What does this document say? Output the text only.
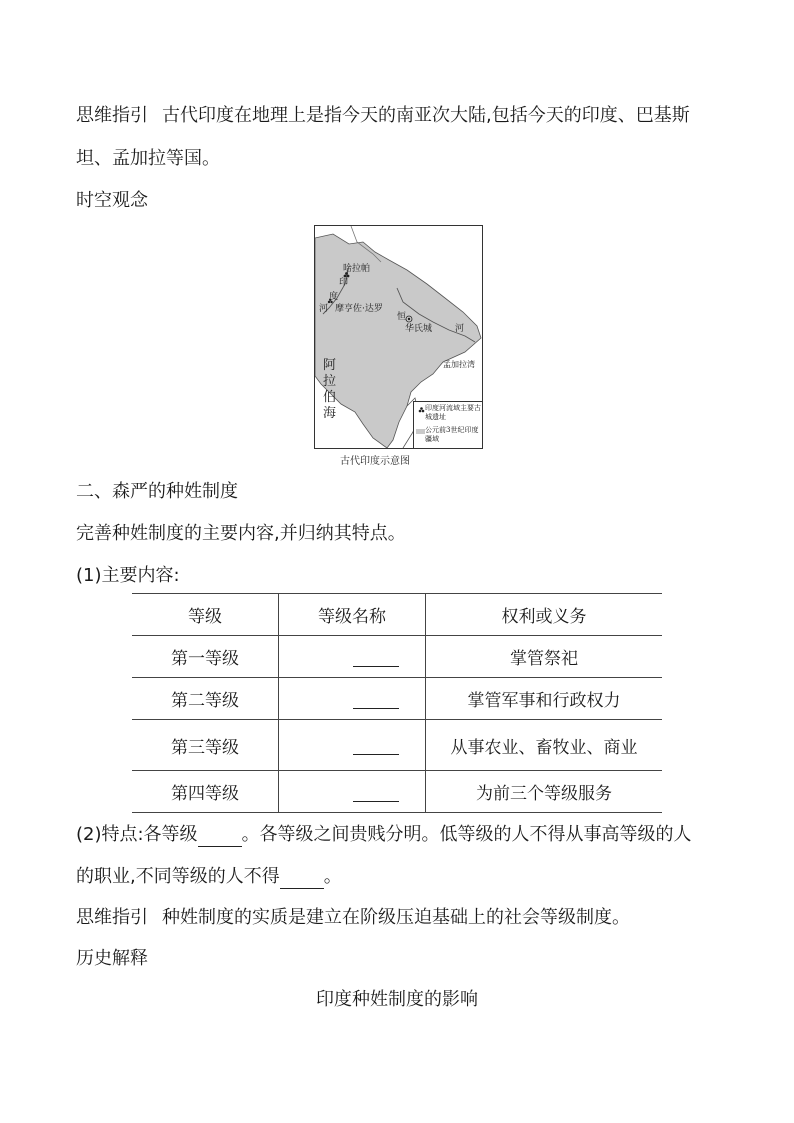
思维指引 古代印度在地理上是指今天的南亚次大陆,包括今天的印度、巴基斯
坦、孟加拉等国。
时空观念
哈拉帕
印
度
河 摩亨佐·达罗
恒
华氏城	河
阿
拉
伯
海
孟加拉湾
印度河流域主要古城遗址
公元前3世纪印度疆域
古代印度示意图
二、森严的种姓制度
完善种姓制度的主要内容,并归纳其特点。
(1)主要内容:
等级	等级名称	权利或义务
第一等级		掌管祭祀
第二等级		掌管军事和行政权力
第三等级		从事农业、畜牧业、商业
第四等级		为前三个等级服务
(2)特点:各等级 。各等级之间贵贱分明。低等级的人不得从事高等级的人
的职业,不同等级的人不得 。
思维指引 种姓制度的实质是建立在阶级压迫基础上的社会等级制度。
历史解释
印度种姓制度的影响
